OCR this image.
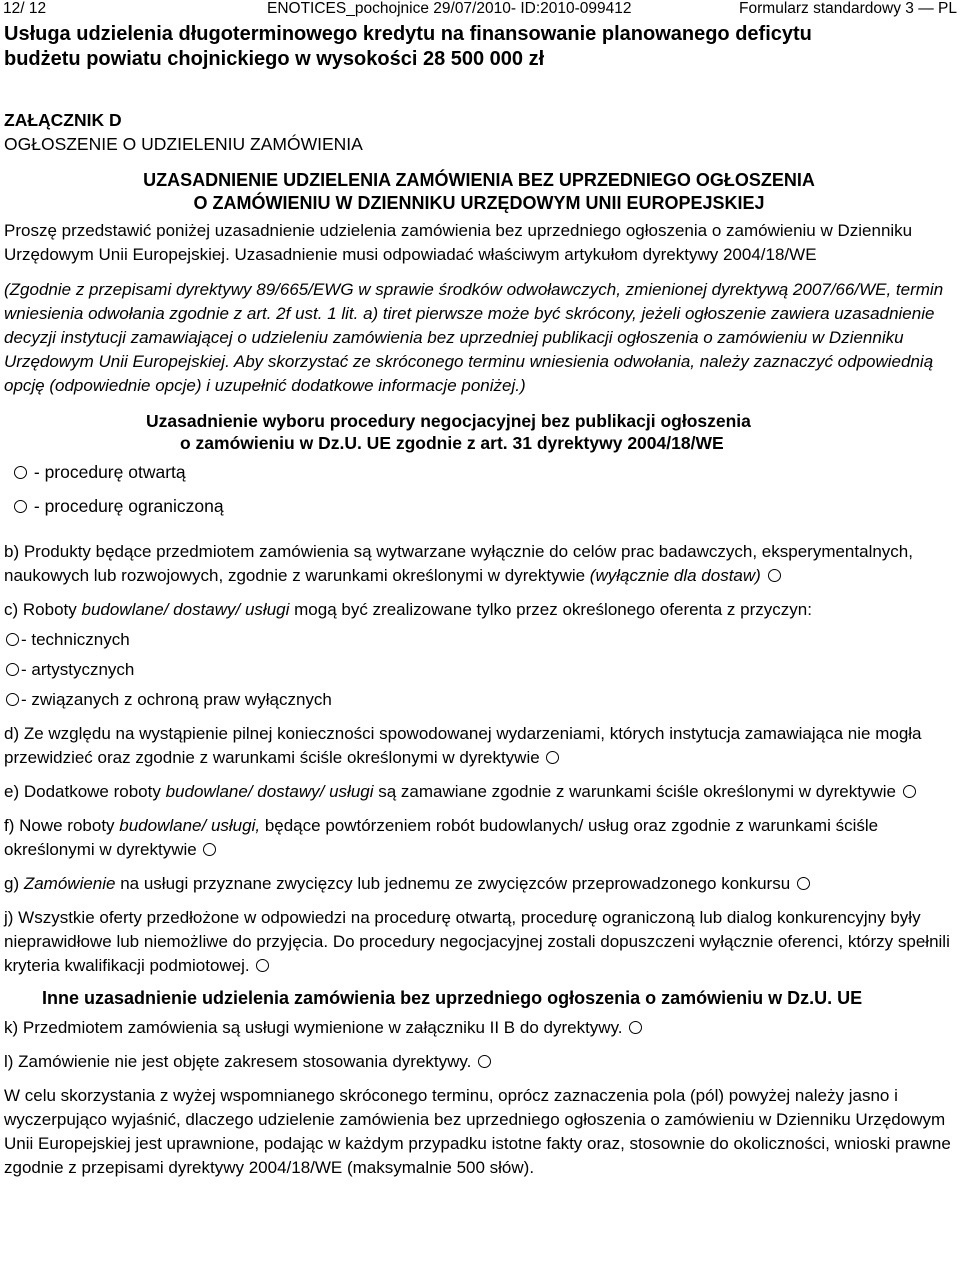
12/ 12	ENOTICES_pochojnice 29/07/2010- ID:2010-099412	Formularz standardowy 3 — PL

Usługa udzielenia długoterminowego kredytu na finansowanie planowanego deficytu

budżetu powiatu chojnickiego w wysokości 28 500 000 zł

ZAŁĄCZNIK D
OGŁOSZENIE O UDZIELENIU ZAMÓWIENIA
UZASADNIENIE UDZIELENIA ZAMÓWIENIA BEZ UPRZEDNIEGO OGŁOSZENIA
O ZAMÓWIENIU W DZIENNIKU URZĘDOWYM UNII EUROPEJSKIEJ

Proszę przedstawić poniżej uzasadnienie udzielenia zamówienia bez uprzedniego ogłoszenia o zamówieniu w Dzienniku Urzędowym Unii Europejskiej. Uzasadnienie musi odpowiadać właściwym artykułom dyrektywy 2004/18/WE

(Zgodnie z przepisami dyrektywy 89/665/EWG w sprawie środków odwoławczych, zmienionej dyrektywą 2007/66/WE, termin wniesienia odwołania zgodnie z art. 2f ust. 1 lit. a) tiret pierwsze może być skrócony, jeżeli ogłoszenie zawiera uzasadnienie decyzji instytucji zamawiającej o udzieleniu zamówienia bez uprzedniej publikacji ogłoszenia o zamówieniu w Dzienniku Urzędowym Unii Europejskiej. Aby skorzystać ze skróconego terminu wniesienia odwołania, należy zaznaczyć odpowiednią opcję (odpowiednie opcje) i uzupełnić dodatkowe informacje poniżej.)

Uzasadnienie wyboru procedury negocjacyjnej bez publikacji ogłoszenia
o zamówieniu w Dz.U. UE zgodnie z art. 31 dyrektywy 2004/18/WE
- procedurę otwartą
- procedurę ograniczoną

b) Produkty będące przedmiotem zamówienia są wytwarzane wyłącznie do celów prac badawczych, eksperymentalnych, naukowych lub rozwojowych, zgodnie z warunkami określonymi w dyrektywie (wyłącznie dla dostaw)

c) Roboty budowlane/ dostawy/ usługi mogą być zrealizowane tylko przez określonego oferenta z przyczyn:

- technicznych
- artystycznych
- związanych z ochroną praw wyłącznych

d) Ze względu na wystąpienie pilnej konieczności spowodowanej wydarzeniami, których instytucja zamawiająca nie mogła przewidzieć oraz zgodnie z warunkami ściśle określonymi w dyrektywie

e) Dodatkowe roboty budowlane/ dostawy/ usługi są zamawiane zgodnie z warunkami ściśle określonymi w dyrektywie

f) Nowe roboty budowlane/ usługi, będące powtórzeniem robót budowlanych/ usług oraz zgodnie z warunkami ściśle określonymi w dyrektywie

g) Zamówienie na usługi przyznane zwycięzcy lub jednemu ze zwycięzców przeprowadzonego konkursu

j) Wszystkie oferty przedłożone w odpowiedzi na procedurę otwartą, procedurę ograniczoną lub dialog konkurencyjny były nieprawidłowe lub niemożliwe do przyjęcia. Do procedury negocjacyjnej zostali dopuszczeni wyłącznie oferenci, którzy spełnili kryteria kwalifikacji podmiotowej.

Inne uzasadnienie udzielenia zamówienia bez uprzedniego ogłoszenia o zamówieniu w Dz.U. UE

k) Przedmiotem zamówienia są usługi wymienione w załączniku II B do dyrektywy.

l) Zamówienie nie jest objęte zakresem stosowania dyrektywy.

W celu skorzystania z wyżej wspomnianego skróconego terminu, oprócz zaznaczenia pola (pól) powyżej należy jasno i wyczerpująco wyjaśnić, dlaczego udzielenie zamówienia bez uprzedniego ogłoszenia o zamówieniu w Dzienniku Urzędowym Unii Europejskiej jest uprawnione, podając w każdym przypadku istotne fakty oraz, stosownie do okoliczności, wnioski prawne zgodnie z przepisami dyrektywy 2004/18/WE (maksymalnie 500 słów).
